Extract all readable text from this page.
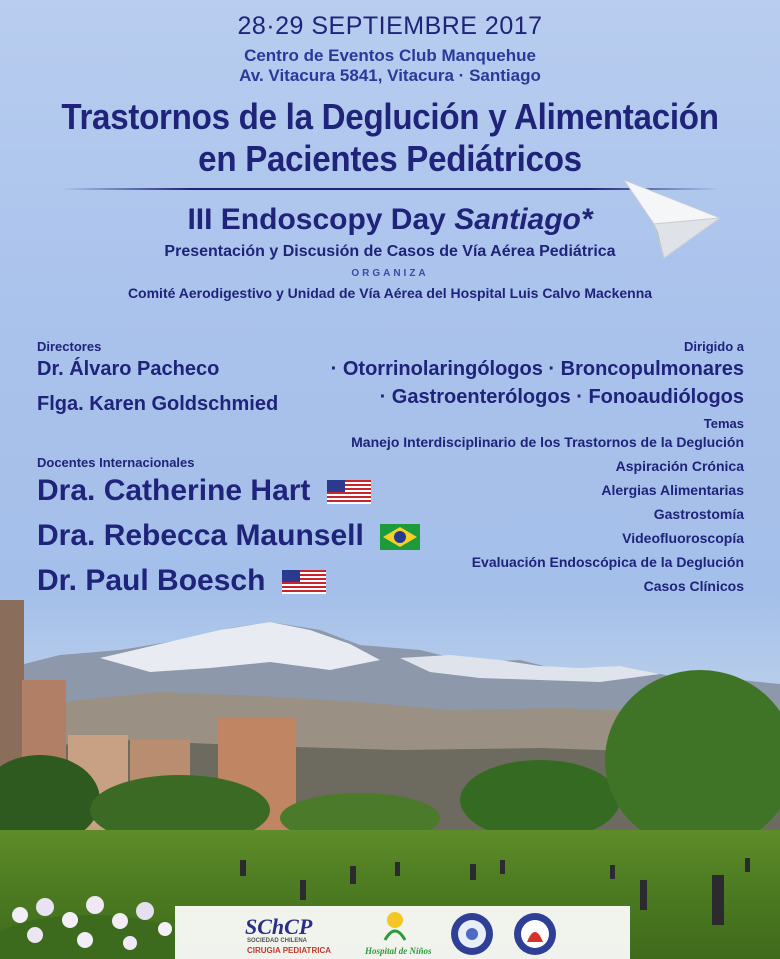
28·29 SEPTIEMBRE 2017
Centro de Eventos Club Manquehue
Av. Vitacura 5841, Vitacura · Santiago
Trastornos de la Deglución y Alimentación
en Pacientes Pediátricos
III Endoscopy Day Santiago*
Presentación y Discusión de Casos de Vía Aérea Pediátrica
ORGANIZA
Comité Aerodigestivo y Unidad de Vía Aérea del Hospital Luis Calvo Mackenna
Directores
Dr. Álvaro Pacheco
Flga. Karen Goldschmied
Docentes Internacionales
Dra. Catherine Hart
Dra. Rebecca Maunsell
Dr. Paul Boesch
Dirigido a
· Otorrinolaringólogos · Broncopulmonares
· Gastroenterólogos · Fonoaudiólogos
Temas
Manejo Interdisciplinario de los Trastornos de la Deglución
Aspiración Crónica
Alergias Alimentarias
Gastrostomía
Videofluoroscopía
Evaluación Endoscópica de la Deglución
Casos Clínicos
SChCP
SOCIEDAD CHILENA
CIRUGIA PEDIATRICA	Hospital de Niños
